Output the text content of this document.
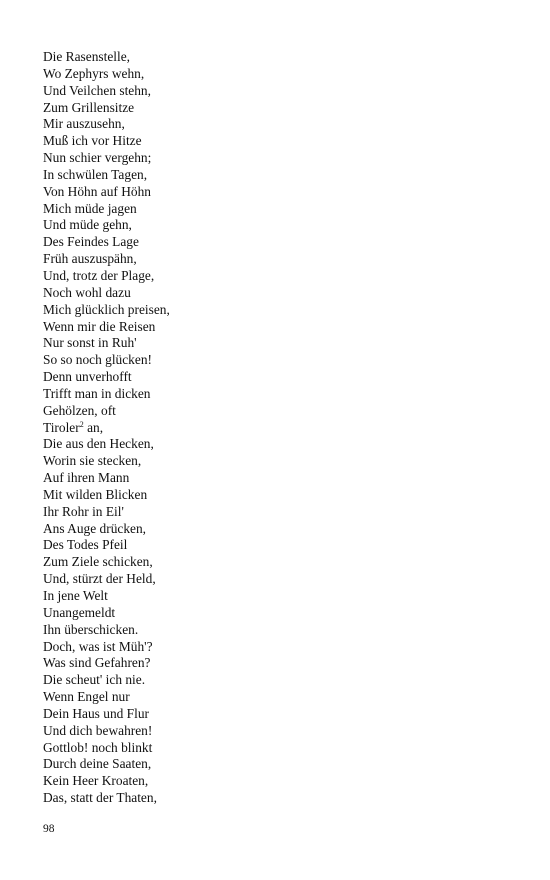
Die Rasenstelle,
Wo Zephyrs wehn,
Und Veilchen stehn,
Zum Grillensitze
Mir auszusehn,
Muß ich vor Hitze
Nun schier vergehn;
In schwülen Tagen,
Von Höhn auf Höhn
Mich müde jagen
Und müde gehn,
Des Feindes Lage
Früh auszuspähn,
Und, trotz der Plage,
Noch wohl dazu
Mich glücklich preisen,
Wenn mir die Reisen
Nur sonst in Ruh'
So so noch glücken!
Denn unverhofft
Trifft man in dicken
Gehölzen, oft
Tiroler$^2$ an,
Die aus den Hecken,
Worin sie stecken,
Auf ihren Mann
Mit wilden Blicken
Ihr Rohr in Eil'
Ans Auge drücken,
Des Todes Pfeil
Zum Ziele schicken,
Und, stürzt der Held,
In jene Welt
Unangemeldt
Ihn überschicken.
Doch, was ist Müh'?
Was sind Gefahren?
Die scheut' ich nie.
Wenn Engel nur
Dein Haus und Flur
Und dich bewahren!
Gottlob! noch blinkt
Durch deine Saaten,
Kein Heer Kroaten,
Das, statt der Thaten,
98
